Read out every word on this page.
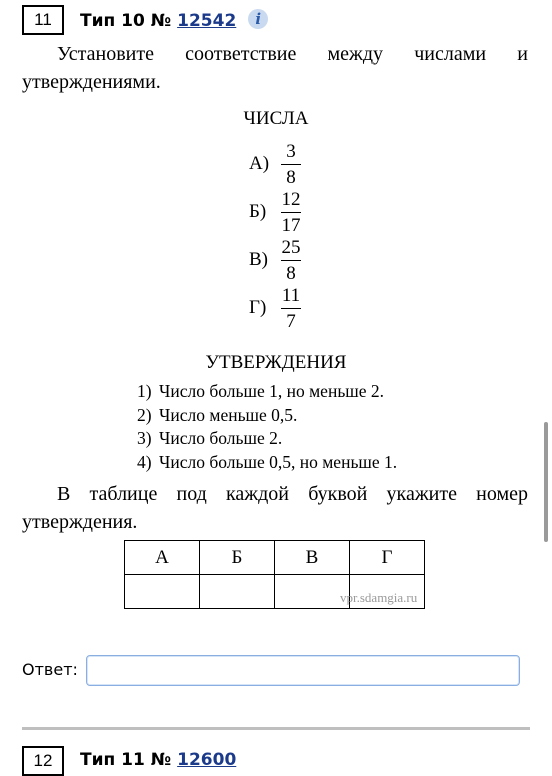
11	Тип 10 № 12542 i
Установите соответствие между числами и утверждениями.
ЧИСЛА
А)
3
8
Б)
12
17
В)
25
8
Г)
11
7
УТВЕРЖДЕНИЯ
1) Число больше 1, но меньше 2.
2) Число меньше 0,5.
3) Число больше 2.
4) Число больше 0,5, но меньше 1.
В таблице под каждой буквой укажите номер утверждения.
А	Б	В	Г

vpr.sdamgia.ru
Ответ:
12	Тип 11 № 12600
